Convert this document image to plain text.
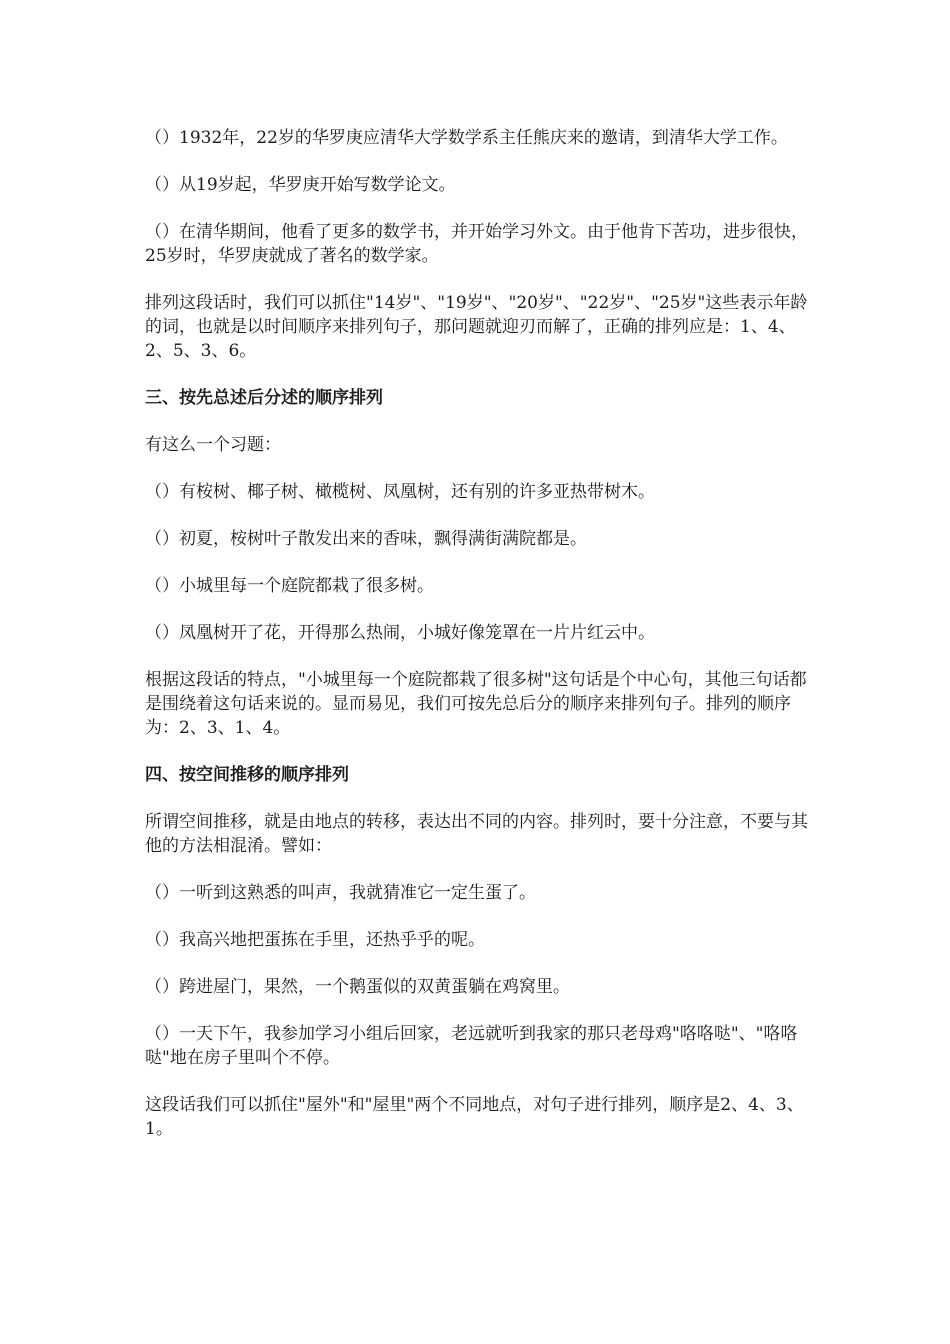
（）1932年，22岁的华罗庚应清华大学数学系主任熊庆来的邀请，到清华大学工作。

（）从19岁起，华罗庚开始写数学论文。

（）在清华期间，他看了更多的数学书，并开始学习外文。由于他肯下苦功，进步很快，25岁时，华罗庚就成了著名的数学家。

排列这段话时，我们可以抓住"14岁"、"19岁"、"20岁"、"22岁"、"25岁"这些表示年龄的词，也就是以时间顺序来排列句子，那问题就迎刃而解了，正确的排列应是：1、4、2、5、3、6。

三、按先总述后分述的顺序排列

有这么一个习题：

（）有桉树、椰子树、橄榄树、凤凰树，还有别的许多亚热带树木。

（）初夏，桉树叶子散发出来的香味，飘得满街满院都是。

（）小城里每一个庭院都栽了很多树。

（）凤凰树开了花，开得那么热闹，小城好像笼罩在一片片红云中。

根据这段话的特点，"小城里每一个庭院都栽了很多树"这句话是个中心句，其他三句话都是围绕着这句话来说的。显而易见，我们可按先总后分的顺序来排列句子。排列的顺序为：2、3、1、4。

四、按空间推移的顺序排列

所谓空间推移，就是由地点的转移，表达出不同的内容。排列时，要十分注意，不要与其他的方法相混淆。譬如：

（）一听到这熟悉的叫声，我就猜准它一定生蛋了。

（）我高兴地把蛋拣在手里，还热乎乎的呢。

（）跨进屋门，果然，一个鹅蛋似的双黄蛋躺在鸡窝里。

（）一天下午，我参加学习小组后回家，老远就听到我家的那只老母鸡"咯咯哒"、"咯咯哒"地在房子里叫个不停。

这段话我们可以抓住"屋外"和"屋里"两个不同地点，对句子进行排列，顺序是2、4、3、1。
